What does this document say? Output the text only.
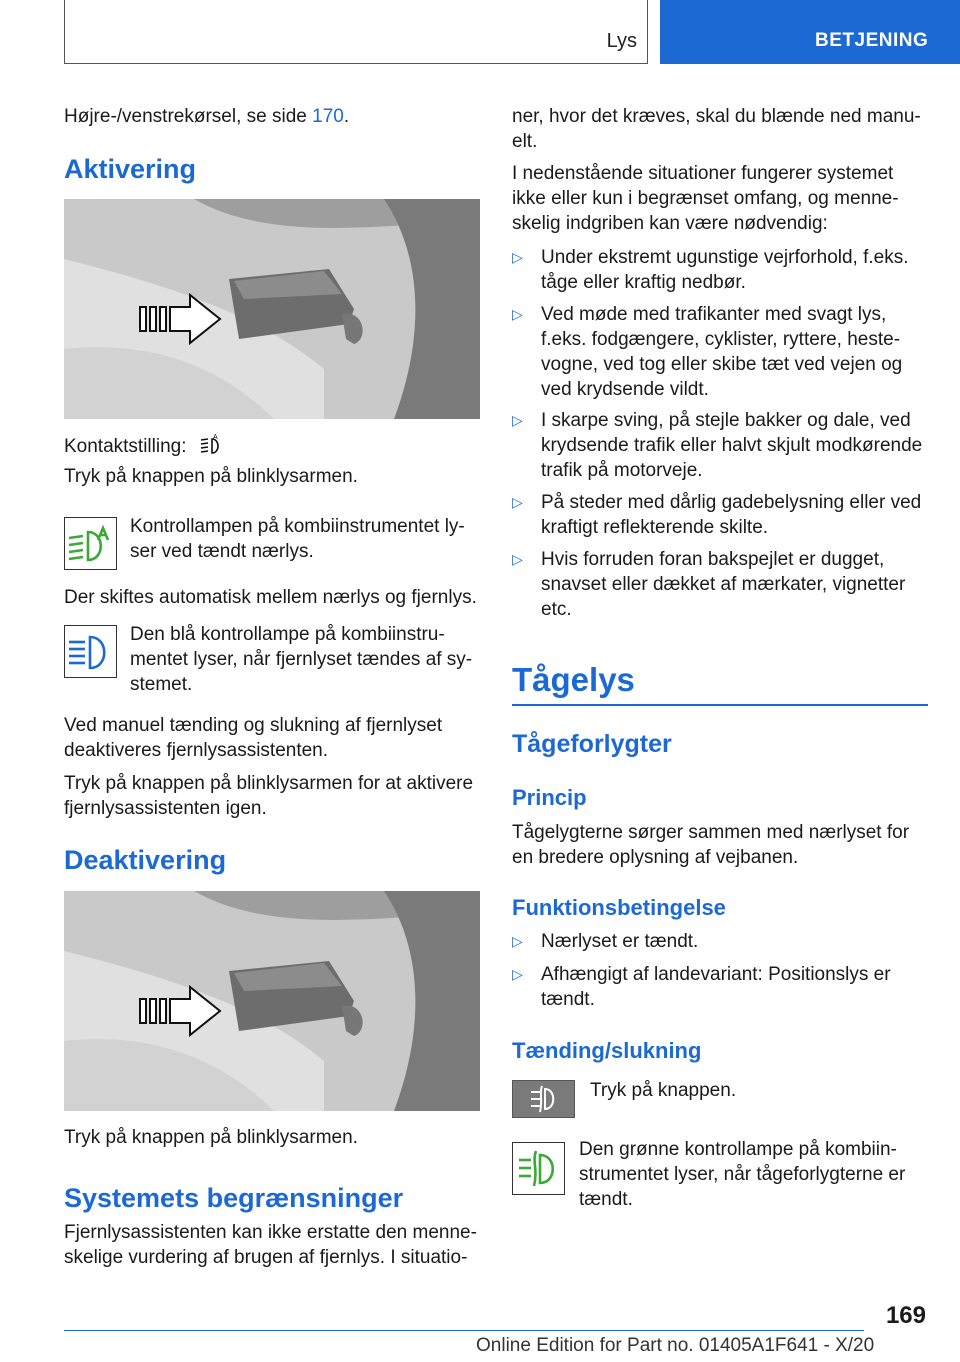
Lys	BETJENING

Højre-/venstrekørsel, se side 170.

Aktivering
Kontaktstilling:	A

Tryk på knappen på blinklysarmen.

Kontrollampen på kombiinstrumentet ly-

ser ved tændt nærlys.

Der skiftes automatisk mellem nærlys og fjernlys.

Den blå kontrollampe på kombiinstru-

mentet lyser, når fjernlyset tændes af sy-

stemet.

Ved manuel tænding og slukning af fjernlyset

deaktiveres fjernlysassistenten.

Tryk på knappen på blinklysarmen for at aktivere

fjernlysassistenten igen.

Deaktivering

Tryk på knappen på blinklysarmen.

Systemets begrænsninger

Fjernlysassistenten kan ikke erstatte den menne-

skelige vurdering af brugen af fjernlys. I situatio-

ner, hvor det kræves, skal du blænde ned manu-

elt.

I nedenstående situationer fungerer systemet

ikke eller kun i begrænset omfang, og menne-

skelig indgriben kan være nødvendig:

▷ Under ekstremt ugunstige vejrforhold, f.eks.
tåge eller kraftig nedbør.
▷ Ved møde med trafikanter med svagt lys,
f.eks. fodgængere, cyklister, ryttere, heste-
vogne, ved tog eller skibe tæt ved vejen og
ved krydsende vildt.
▷ I skarpe sving, på stejle bakker og dale, ved
krydsende trafik eller halvt skjult modkørende
trafik på motorveje.
▷ På steder med dårlig gadebelysning eller ved
kraftigt reflekterende skilte.
▷ Hvis forruden foran bakspejlet er dugget,
snavset eller dækket af mærkater, vignetter
etc.
Tågelys
Tågeforlygter
Princip

Tågelygterne sørger sammen med nærlyset for

en bredere oplysning af vejbanen.

Funktionsbetingelse
▷ Nærlyset er tændt.
▷ Afhængigt af landevariant: Positionslys er
tændt.
Tænding/slukning

Tryk på knappen.

Den grønne kontrollampe på kombiin-

strumentet lyser, når tågeforlygterne er

tændt.

169
Online Edition for Part no. 01405A1F641 - X/20
